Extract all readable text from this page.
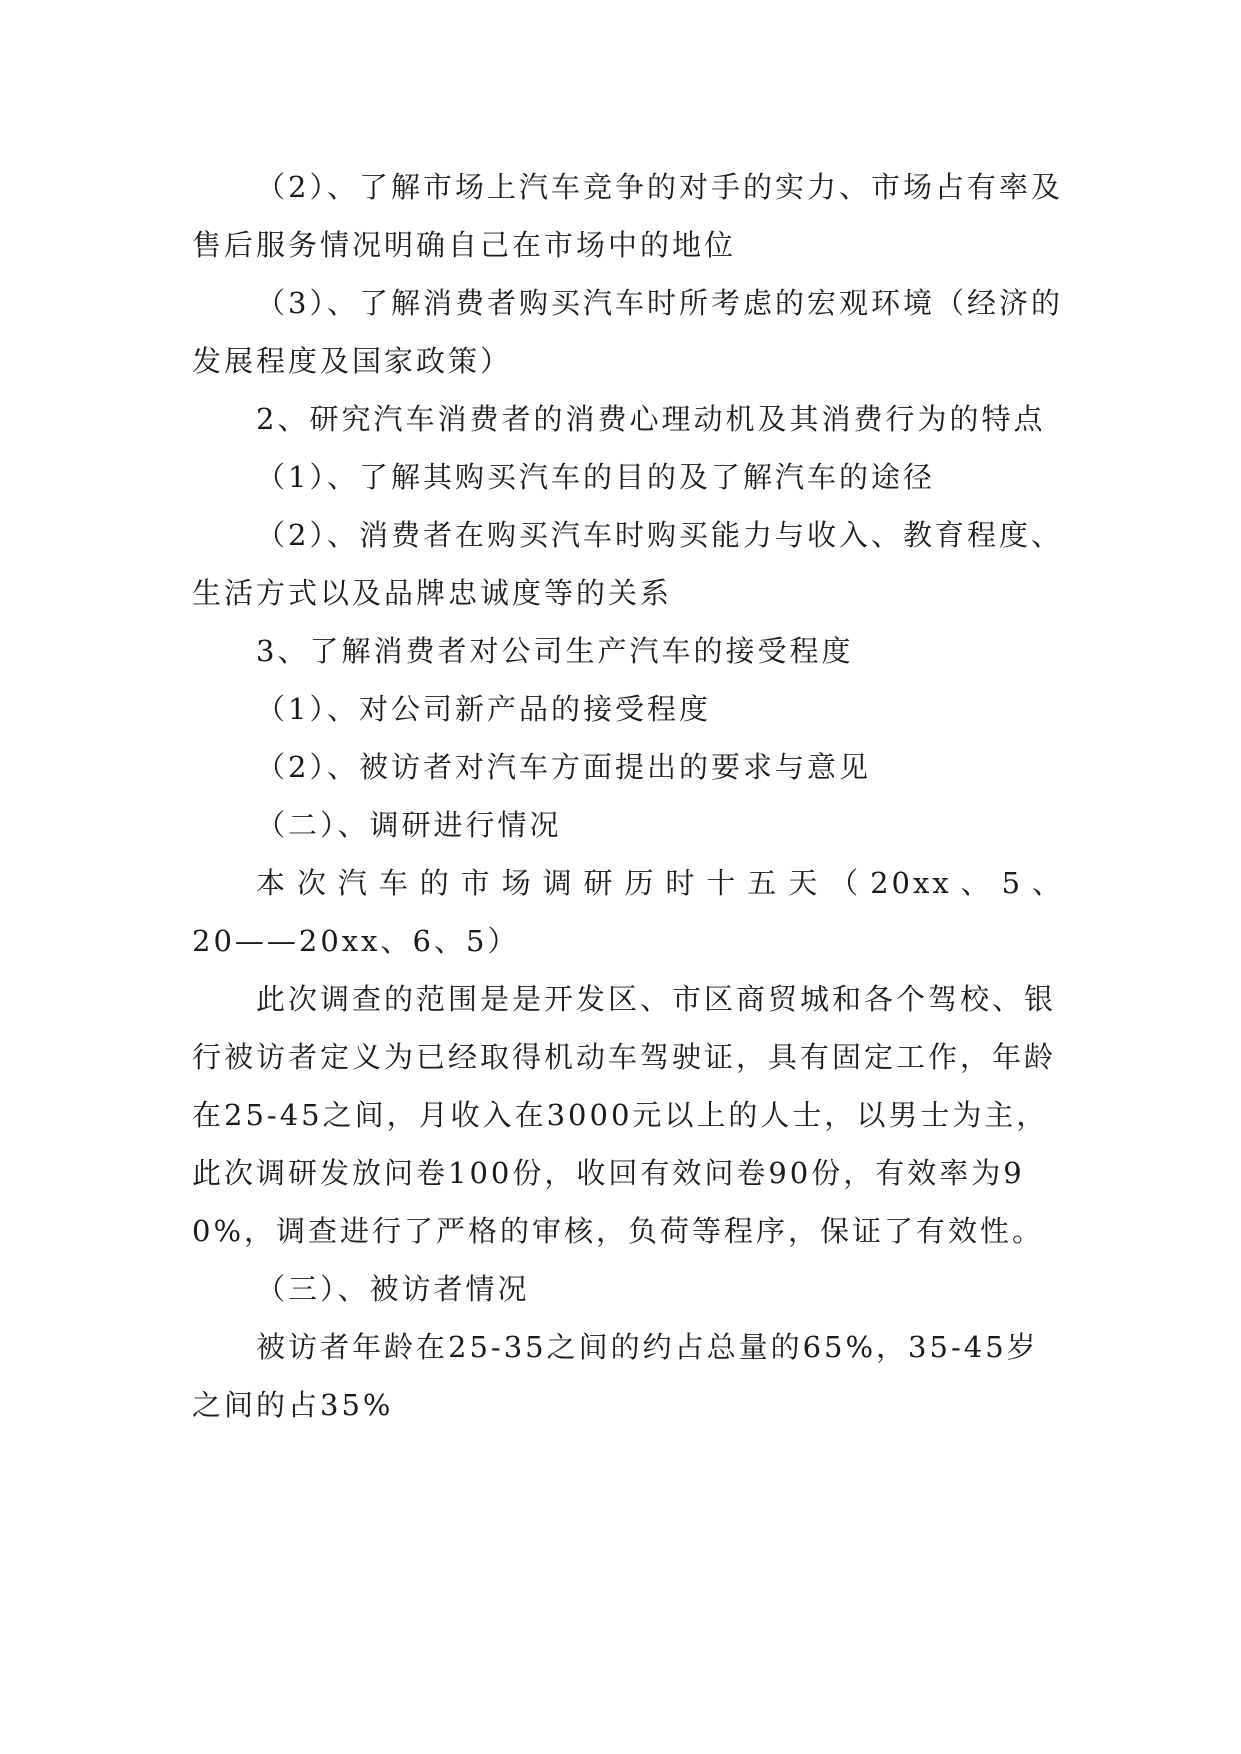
（2）、了解市场上汽车竞争的对手的实力、市场占有率及售后服务情况明确自己在市场中的地位

（3）、了解消费者购买汽车时所考虑的宏观环境（经济的发展程度及国家政策）

2、研究汽车消费者的消费心理动机及其消费行为的特点

（1）、了解其购买汽车的目的及了解汽车的途径

（2）、消费者在购买汽车时购买能力与收入、教育程度、生活方式以及品牌忠诚度等的关系

3、了解消费者对公司生产汽车的接受程度

（1）、对公司新产品的接受程度

（2）、被访者对汽车方面提出的要求与意见

（二）、调研进行情况

本次汽车的市场调研历时十五天（20xx、5、

20——20xx、6、5）

此次调查的范围是是开发区、市区商贸城和各个驾校、银行被访者定义为已经取得机动车驾驶证，具有固定工作，年龄在25-45之间，月收入在3000元以上的人士，以男士为主，此次调研发放问卷100份，收回有效问卷90份，有效率为90%，调查进行了严格的审核，负荷等程序，保证了有效性。

（三）、被访者情况

被访者年龄在25-35之间的约占总量的65%，35-45岁之间的占35%
